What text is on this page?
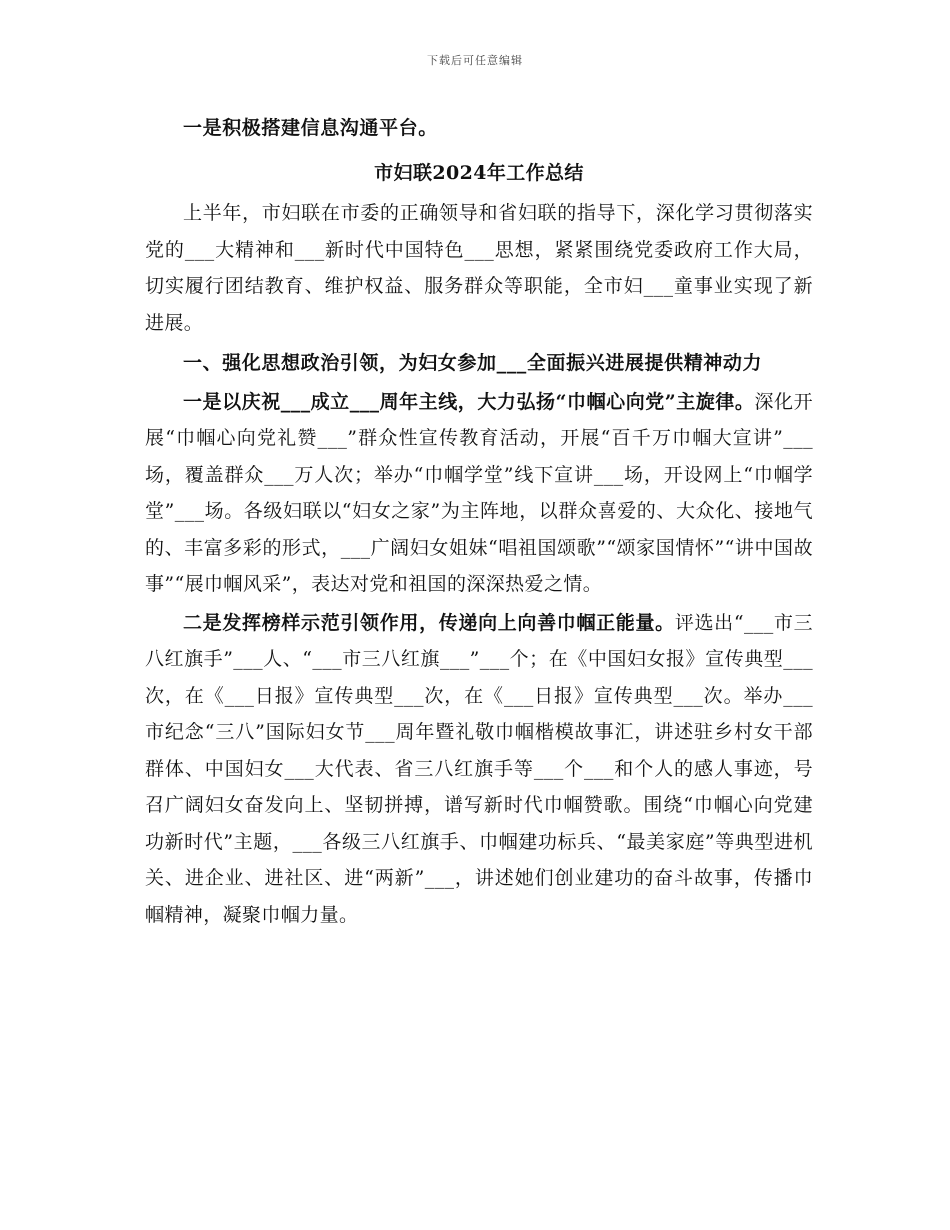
下载后可任意编辑

一是积极搭建信息沟通平台。

市妇联2024年工作总结

上半年，市妇联在市委的正确领导和省妇联的指导下，深化学习贯彻落实党的___大精神和___新时代中国特色___思想，紧紧围绕党委政府工作大局，切实履行团结教育、维护权益、服务群众等职能，全市妇___童事业实现了新进展。

一、强化思想政治引领，为妇女参加___全面振兴进展提供精神动力

一是以庆祝___成立___周年主线，大力弘扬“巾帼心向党”主旋律。深化开展“巾帼心向党礼赞___”群众性宣传教育活动，开展“百千万巾帼大宣讲”___场，覆盖群众___万人次；举办“巾帼学堂”线下宣讲___场，开设网上“巾帼学堂”___场。各级妇联以“妇女之家”为主阵地，以群众喜爱的、大众化、接地气的、丰富多彩的形式，___广阔妇女姐妹“唱祖国颂歌”“颂家国情怀”“讲中国故事”“展巾帼风采”，表达对党和祖国的深深热爱之情。

二是发挥榜样示范引领作用，传递向上向善巾帼正能量。评选出“___市三八红旗手”___人、“___市三八红旗___”___个；在《中国妇女报》宣传典型___次，在《___日报》宣传典型___次，在《___日报》宣传典型___次。举办___市纪念“三八”国际妇女节___周年暨礼敬巾帼楷模故事汇，讲述驻乡村女干部群体、中国妇女___大代表、省三八红旗手等___个___和个人的感人事迹，号召广阔妇女奋发向上、坚韧拼搏，谱写新时代巾帼赞歌。围绕“巾帼心向党建功新时代”主题，___各级三八红旗手、巾帼建功标兵、“最美家庭”等典型进机关、进企业、进社区、进“两新”___，讲述她们创业建功的奋斗故事，传播巾帼精神，凝聚巾帼力量。
